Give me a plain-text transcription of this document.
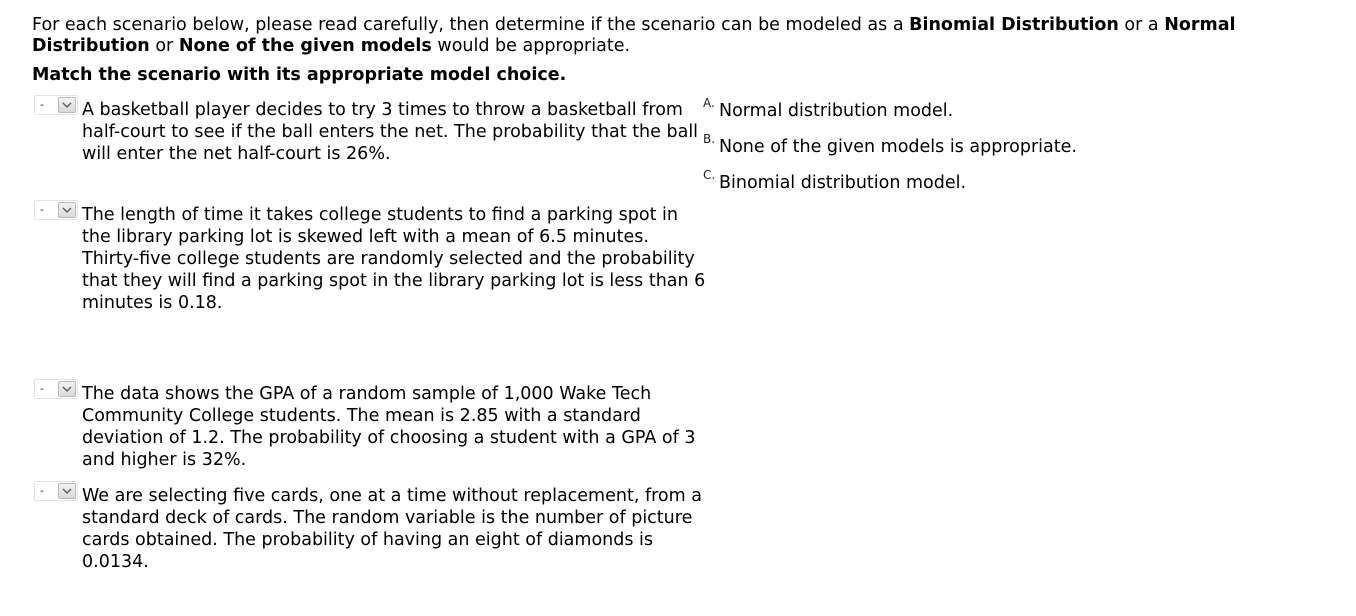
For each scenario below, please read carefully, then determine if the scenario can be modeled as a Binomial Distribution or a Normal Distribution or None of the given models would be appropriate.

Match the scenario with its appropriate model choice.

- A basketball player decides to try 3 times to throw a basketball from half-court to see if the ball enters the net. The probability that the ball will enter the net half-court is 26%.

- The length of time it takes college students to find a parking spot in the library parking lot is skewed left with a mean of 6.5 minutes. Thirty-five college students are randomly selected and the probability that they will find a parking spot in the library parking lot is less than 6 minutes is 0.18.

- The data shows the GPA of a random sample of 1,000 Wake Tech Community College students. The mean is 2.85 with a standard deviation of 1.2. The probability of choosing a student with a GPA of 3 and higher is 32%.

- We are selecting five cards, one at a time without replacement, from a standard deck of cards. The random variable is the number of picture cards obtained. The probability of having an eight of diamonds is 0.0134.

A. Normal distribution model.
B. None of the given models is appropriate.
C. Binomial distribution model.
